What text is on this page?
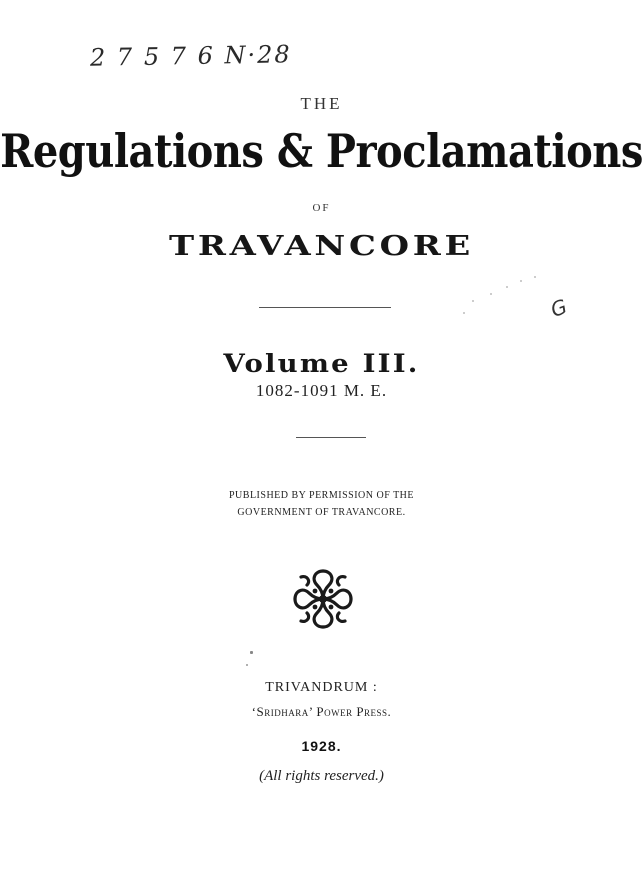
2 7 5 7 6 N·28
THE
Regulations & Proclamations
OF
TRAVANCORE
G
Volume III.
1082-1091 M. E.
PUBLISHED BY PERMISSION OF THE
GOVERNMENT OF TRAVANCORE.
TRIVANDRUM :
‘Sridhara’ Power Press.
1928.
(All rights reserved.)
